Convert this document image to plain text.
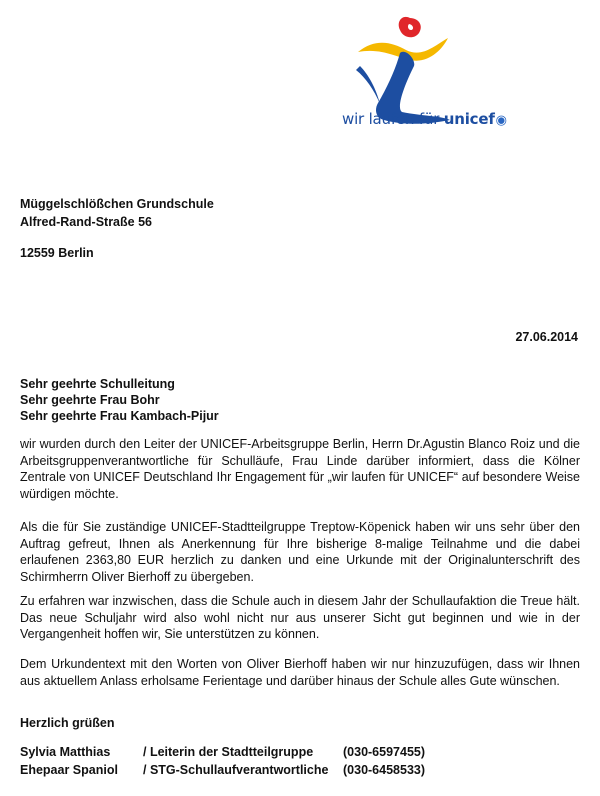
wir laufen für unicef◉
Müggelschlößchen Grundschule
Alfred-Rand-Straße 56
12559 Berlin
27.06.2014
Sehr geehrte Schulleitung
Sehr geehrte Frau Bohr
Sehr geehrte Frau Kambach-Pijur

wir wurden durch den Leiter der UNICEF-Arbeitsgruppe Berlin, Herrn Dr.Agustin Blanco Roiz und die Arbeitsgruppenverantwortliche für Schulläufe, Frau Linde darüber informiert, dass die Kölner Zentrale von UNICEF Deutschland Ihr Engagement für „wir laufen für UNICEF“ auf besondere Weise würdigen möchte.

Als die für Sie zuständige UNICEF-Stadtteilgruppe Treptow-Köpenick haben wir uns sehr über den Auftrag gefreut, Ihnen als Anerkennung für Ihre bisherige 8-malige Teilnahme und die dabei erlaufenen 2363,80 EUR herzlich zu danken und eine Urkunde mit der Originalunterschrift des Schirmherrn Oliver Bierhoff zu übergeben.

Zu erfahren war inzwischen, dass die Schule auch in diesem Jahr der Schullaufaktion die Treue hält. Das neue Schuljahr wird also wohl nicht nur aus unserer Sicht gut beginnen und wie in der Vergangenheit hoffen wir, Sie unterstützen zu können.

Dem Urkundentext mit den Worten von Oliver Bierhoff haben wir nur hinzuzufügen, dass wir Ihnen aus aktuellem Anlass erholsame Ferientage und darüber hinaus der Schule alles Gute wünschen.

Herzlich grüßen
Sylvia Matthias	/ Leiterin der Stadtteilgruppe (030-6597455)
Ehepaar Spaniol / STG-Schullaufverantwortliche (030-6458533)
